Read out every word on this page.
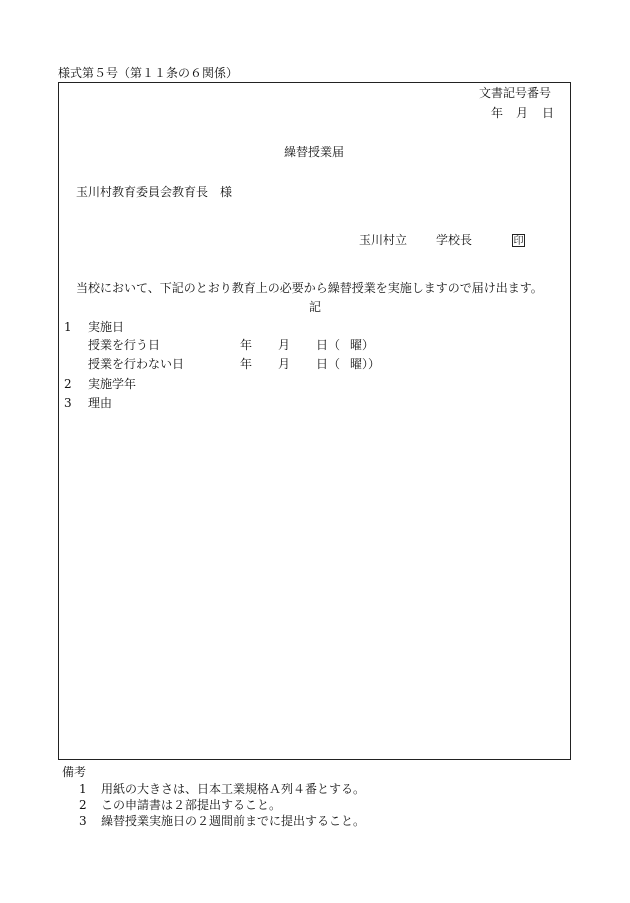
様式第５号（第１１条の６関係）
文書記号番号
年 月 日
繰替授業届
玉川村教育委員会教育長　様
玉川村立 学校長	印
当校において、下記のとおり教育上の必要から繰替授業を実施しますので届け出ます。
記
1 実施日
授業を行う日	年 月 日（ 曜）
授業を行わない日	年 月 日（ 曜））
2 実施学年
3 理由
備考
1 用紙の大きさは、日本工業規格Ａ列４番とする。
2 この申請書は２部提出すること。
3 繰替授業実施日の２週間前までに提出すること。
